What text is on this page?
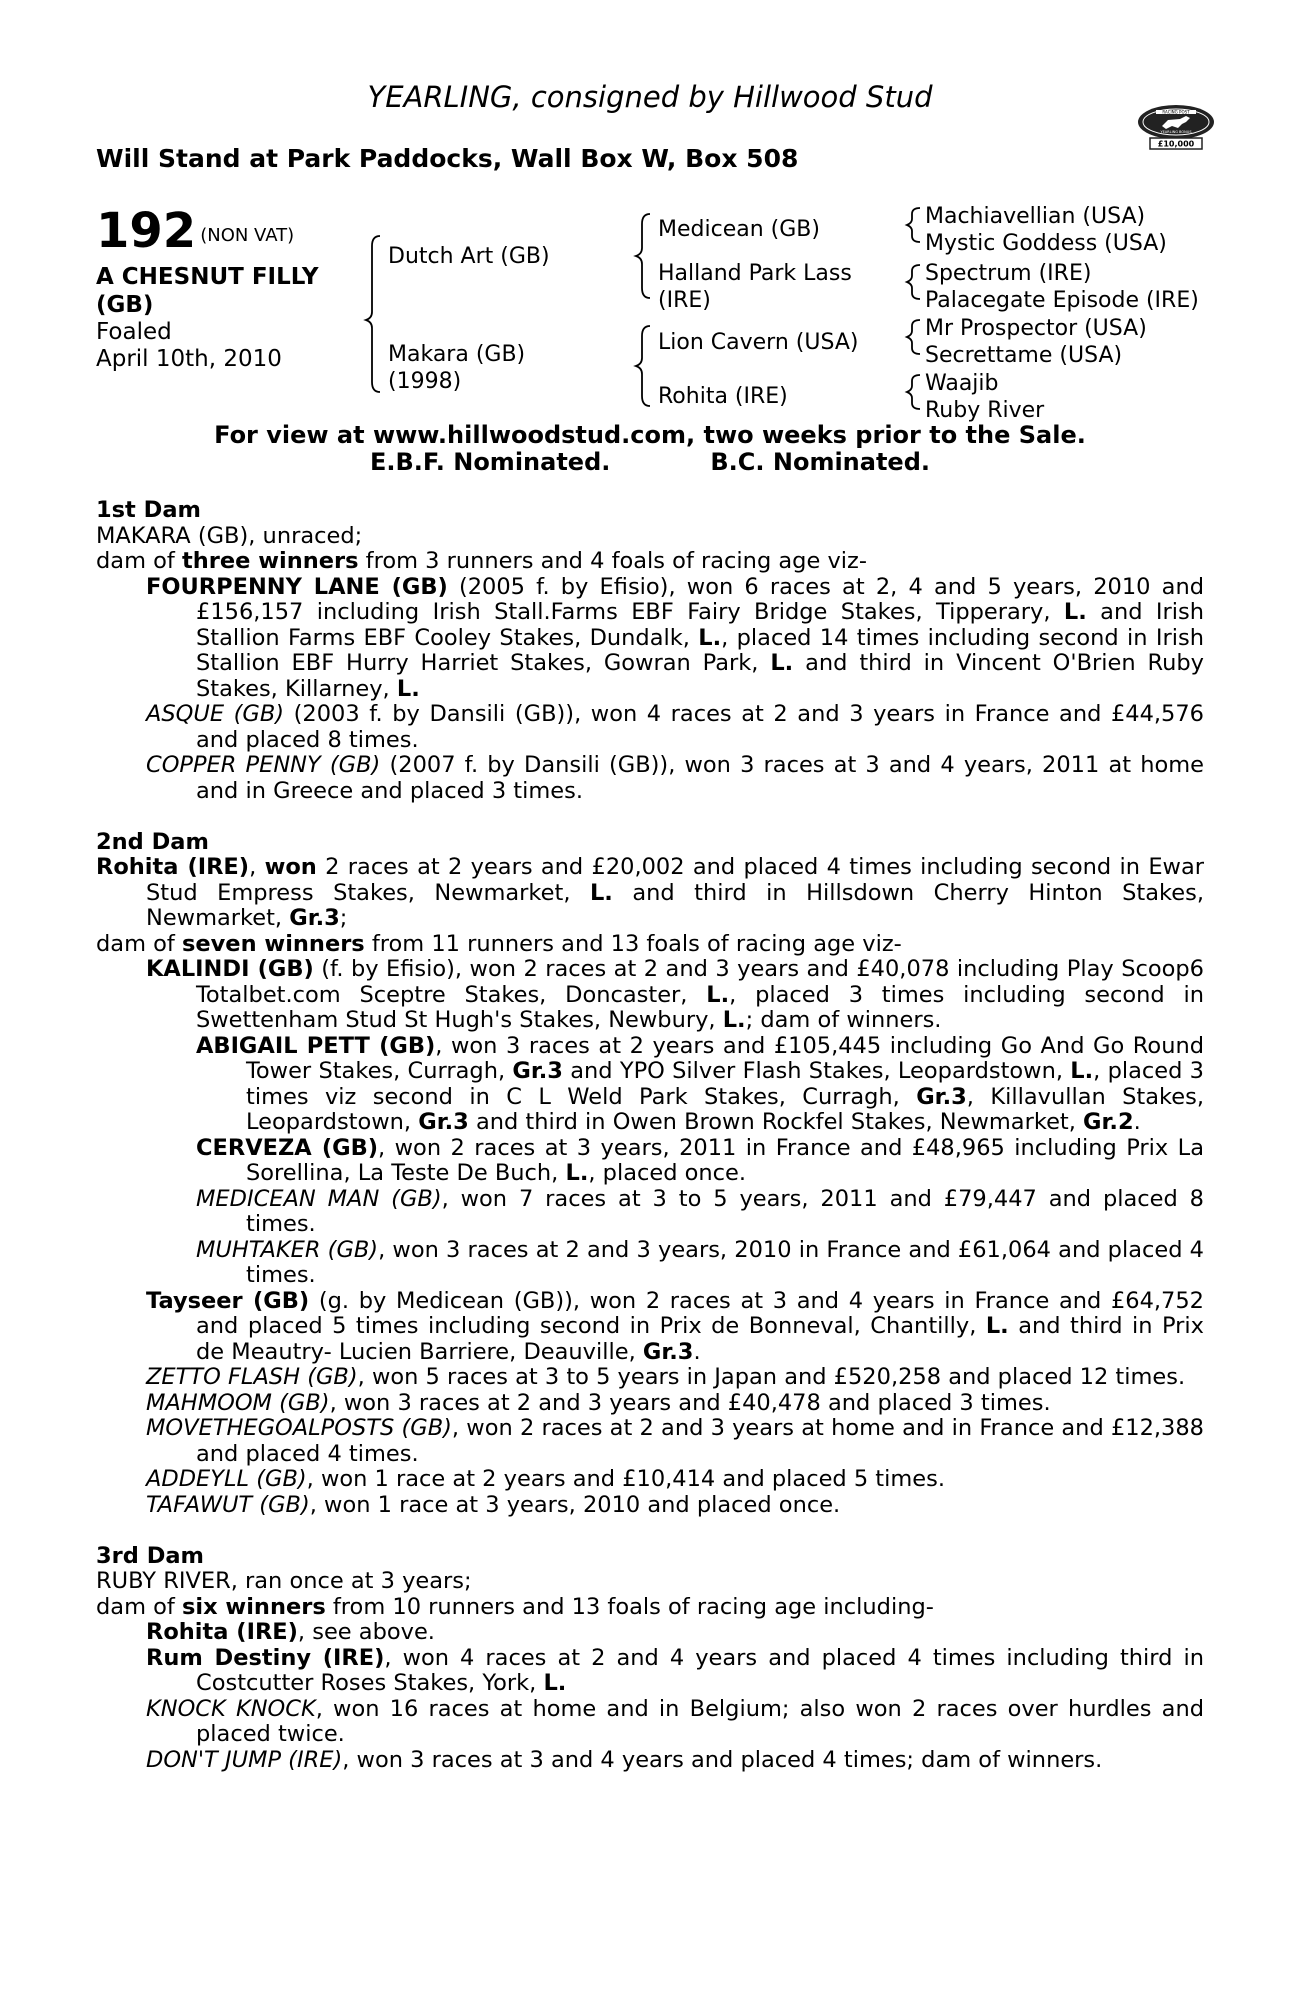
YEARLING, consigned by Hillwood Stud
Will Stand at Park Paddocks, Wall Box W, Box 508
RACING POST
£10,000
YEARLING BONUS
192 (NON VAT)
A CHESNUT FILLY
(GB)
Foaled
April 10th, 2010
Dutch Art (GB)
Makara (GB)
(1998)
Medicean (GB)
Halland Park Lass
(IRE)
Lion Cavern (USA)
Rohita (IRE)
Machiavellian (USA)
Mystic Goddess (USA)
Spectrum (IRE)
Palacegate Episode (IRE)
Mr Prospector (USA)
Secrettame (USA)
Waajib
Ruby River
For view at www.hillwoodstud.com, two weeks prior to the Sale.
E.B.F. Nominated.	B.C. Nominated.
1st Dam
MAKARA (GB), unraced;
dam of three winners from 3 runners and 4 foals of racing age viz-
FOURPENNY LANE (GB) (2005 f. by Efisio), won 6 races at 2, 4 and 5 years, 2010 and £156,157 including Irish Stall.Farms EBF Fairy Bridge Stakes, Tipperary, L. and Irish Stallion Farms EBF Cooley Stakes, Dundalk, L., placed 14 times including second in Irish Stallion EBF Hurry Harriet Stakes, Gowran Park, L. and third in Vincent O'Brien Ruby Stakes, Killarney, L.
ASQUE (GB) (2003 f. by Dansili (GB)), won 4 races at 2 and 3 years in France and £44,576 and placed 8 times.
COPPER PENNY (GB) (2007 f. by Dansili (GB)), won 3 races at 3 and 4 years, 2011 at home and in Greece and placed 3 times.
2nd Dam
Rohita (IRE), won 2 races at 2 years and £20,002 and placed 4 times including second in Ewar Stud Empress Stakes, Newmarket, L. and third in Hillsdown Cherry Hinton Stakes, Newmarket, Gr.3;
dam of seven winners from 11 runners and 13 foals of racing age viz-
KALINDI (GB) (f. by Efisio), won 2 races at 2 and 3 years and £40,078 including Play Scoop6 Totalbet.com Sceptre Stakes, Doncaster, L., placed 3 times including second in Swettenham Stud St Hugh's Stakes, Newbury, L.; dam of winners.
ABIGAIL PETT (GB), won 3 races at 2 years and £105,445 including Go And Go Round Tower Stakes, Curragh, Gr.3 and YPO Silver Flash Stakes, Leopardstown, L., placed 3 times viz second in C L Weld Park Stakes, Curragh, Gr.3, Killavullan Stakes, Leopardstown, Gr.3 and third in Owen Brown Rockfel Stakes, Newmarket, Gr.2.
CERVEZA (GB), won 2 races at 3 years, 2011 in France and £48,965 including Prix La Sorellina, La Teste De Buch, L., placed once.
MEDICEAN MAN (GB), won 7 races at 3 to 5 years, 2011 and £79,447 and placed 8 times.
MUHTAKER (GB), won 3 races at 2 and 3 years, 2010 in France and £61,064 and placed 4 times.
Tayseer (GB) (g. by Medicean (GB)), won 2 races at 3 and 4 years in France and £64,752 and placed 5 times including second in Prix de Bonneval, Chantilly, L. and third in Prix de Meautry- Lucien Barriere, Deauville, Gr.3.
ZETTO FLASH (GB), won 5 races at 3 to 5 years in Japan and £520,258 and placed 12 times.
MAHMOOM (GB), won 3 races at 2 and 3 years and £40,478 and placed 3 times.
MOVETHEGOALPOSTS (GB), won 2 races at 2 and 3 years at home and in France and £12,388 and placed 4 times.
ADDEYLL (GB), won 1 race at 2 years and £10,414 and placed 5 times.
TAFAWUT (GB), won 1 race at 3 years, 2010 and placed once.
3rd Dam
RUBY RIVER, ran once at 3 years;
dam of six winners from 10 runners and 13 foals of racing age including-
Rohita (IRE), see above.
Rum Destiny (IRE), won 4 races at 2 and 4 years and placed 4 times including third in Costcutter Roses Stakes, York, L.
KNOCK KNOCK, won 16 races at home and in Belgium; also won 2 races over hurdles and placed twice.
DON'T JUMP (IRE), won 3 races at 3 and 4 years and placed 4 times; dam of winners.
